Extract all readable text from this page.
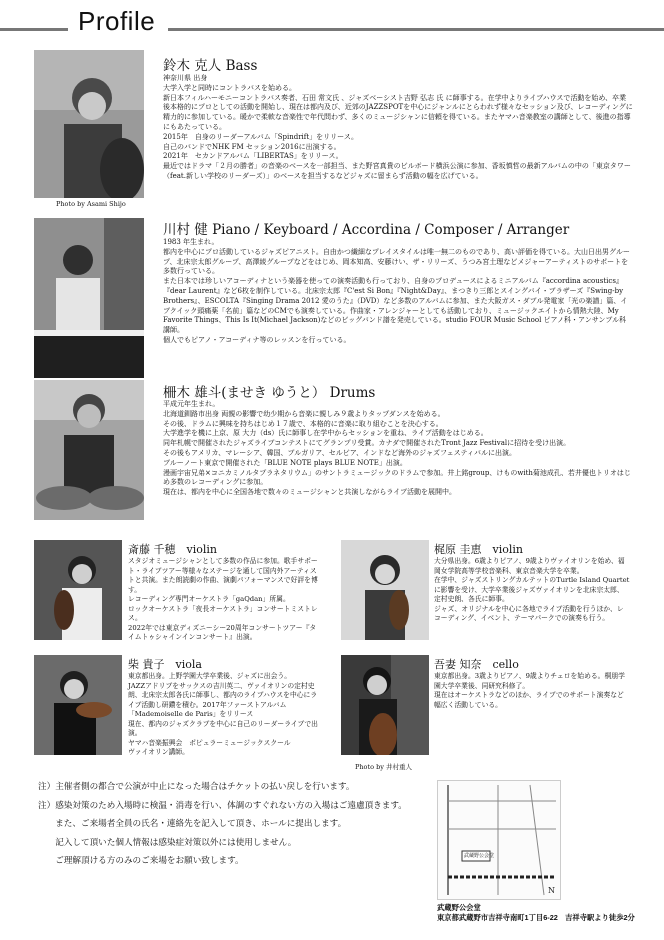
Profile
Photo by Asami Shijo
鈴木 克人 Bass

神奈川県 出身

大学入学と同時にコントラバスを始める。

新日本フィルハーモニーコントラバス奏者、石田 常文氏 、ジャズベーシスト吉野 弘志 氏 に師事する。在学中よりライブハウスで活動を始め、卒業後本格的にプロとしての活動を開始し、現在は都内及び、近郊のJAZZSPOTを中心にジャンルにとらわれず様々なセッション及び、レコーディングに精力的に参加している。暖かで柔軟な音楽性で年代問わず、多くのミュージシャンに信頼を得ている。またヤマハ音楽教室の講師として、後進の指導にもあたっている。

2015年　自身のリーダーアルバム「Spindrift」をリリース。

自己のバンドでNHK FM セッション2016に出演する。

2021年　セカンドアルバム「LIBERTAS」をリリース。

最近ではドラマ「２月の勝者」の音楽のベースを一部担当、また野宮真貴のビルボード横浜公演に参加、香坂慎哲の最新アルバムの中の「東京タワー（feat.新しい学校のリーダーズ）」のベースを担当するなどジャズに留まらず活動の幅を広げている。

川村 健 Piano / Keyboard / Accordina / Composer / Arranger

1983 年生まれ。

都内を中心にプロ活動しているジャズピアニスト。自由かつ繊細なプレイスタイルは唯一無二のものであり、高い評価を得ている。大山日出男グループ、北床宗太郎グループ、高澤綾グループなどをはじめ、岡本知高、安藤けい、ザ・リリーズ、うつみ宮土理などメジャーアーティストのサポートを多数行っている。

また日本では珍しいアコーディナという楽器を使っての演奏活動も行っており、自身のプロデュースによるミニアルバム『accordina acoustics』『dear Laurent』など6枚を制作している。北床宗太郎『C'est Si Bon』『Night&Day』、まつきり三郎とスイングバイ・ブラザーズ『Swing-by Brothers』、ESCOLTA『Singing Drama 2012 愛のうた』（DVD）など多数のアルバムに参加、また大阪ガス・ダブル発電家「光の楽譜」篇、イブクイック頭痛薬「名前」篇などのCMでも演奏している。作曲家・アレンジャーとしても活動しており、ミュージックエイトから情熱大陸、My Favorite Things、This Is It(Michael Jackson)などのビッグバンド譜を発売している。studio FOUR Music School ピアノ科・アンサンブル科講師。

個人でもピアノ・アコーディナ等のレッスンを行っている。

柵木 雄斗(ませき ゆうと） Drums

平成元年生まれ。

北海道釧路市出身 両親の影響で幼少期から音楽に親しみ９歳よりタップダンスを始める。

その後、ドラムに興味を持ちはじめ１７歳で、本格的に音楽に取り組むことを決心する。

大学進学を機に上京、原 大力（ds）氏に師事し在学中からセッションを重ね、ライブ活動をはじめる。

同年札幌で開催されたジャズライブコンテストにてグランプリ受賞。カナダで開催されたTront Jazz Festivalに招待を受け出演。

その後もアメリカ、マレーシア、韓国、ブルガリア、セルビア、インドなど海外のジャズフェスティバルに出演。

ブルーノート東京で開催された「BLUE NOTE plays BLUE NOTE」出演。

漫画宇宙兄弟×コニカミノルタプラネタリウム」のサントラミュージックのドラムで参加。井上銘group、けものwith菊池成孔、若井優也トリオはじめ多数のレコーディングに参加。

現在は、都内を中心に全国各地で数々のミュージシャンと共演しながらライブ活動を展開中。

斎藤 千穂　violin

スタジオミュージシャンとして多数の作品に参加。歌手サポート・ライブツアー等様々なステージを通して国内外アーティストと共演。また朗読劇の作曲、演劇パフォーマンスで好評を博す。

レコーディング専門オーケストラ「gaQdan」所属。

ロックオーケストラ「夜長オーケストラ」コンサートミストレス。

2022年では東京ディズニーシー20周年コンサートツアー『タイムトゥシャインインコンサート』出演。

梶原 圭恵　violin

大分県出身。6歳よりピアノ、9歳よりヴァイオリンを始め、福岡女学院高等学校音楽科、東京音楽大学を卒業。

在学中、ジャズストリングカルテットのTurtle Island Quartetに影響を受け、大学卒業後ジャズヴァイオリンを北床宗太郎、定村史朗、各氏に師事。

ジャズ、オリジナルを中心に各地でライブ活動を行うほか、レコーディング、イベント、テーマパークでの演奏も行う。

柴 貴子　viola

東京都出身。上野学園大学卒業後、ジャズに出会う。

JAZZアドリブをサックスの吉川英二、ヴァイオリンの定村史朗、北床宗太郎各氏に師事し、都内のライブハウスを中心にライブ活動し研鑽を積む。2017年ファーストアルバム「Mademoiselle de Paris」をリリース

現在、都内のジャズクラブを中心に自己のリーダーライブで出演。

ヤマハ音楽振興会　ポピュラーミュージックスクール

ヴァイオリン講師。

Photo by 井村重人
吾妻 知奈　cello

東京都出身。3歳よりピアノ、9歳よりチェロを始める。桐朋学園大学卒業後、同研究科修了。

現在はオーケストラなどのほか、ライブでのサポート演奏など幅広く活動している。

注）主催者側の都合で公演が中止になった場合はチケットの払い戻しを行います。

注）感染対策のため入場時に検温・消毒を行い、体調のすぐれない方の入場はご遠慮頂きます。

　　また、ご来場者全員の氏名・連絡先を記入して頂き、ホールに提出します。

　　記入して頂いた個人情報は感染症対策以外には使用しません。

　　ご理解頂ける方のみのご来場をお願い致します。

N
武蔵野公会堂

武蔵野公会堂

東京都武蔵野市吉祥寺南町1丁目6-22　吉祥寺駅より徒歩2分
